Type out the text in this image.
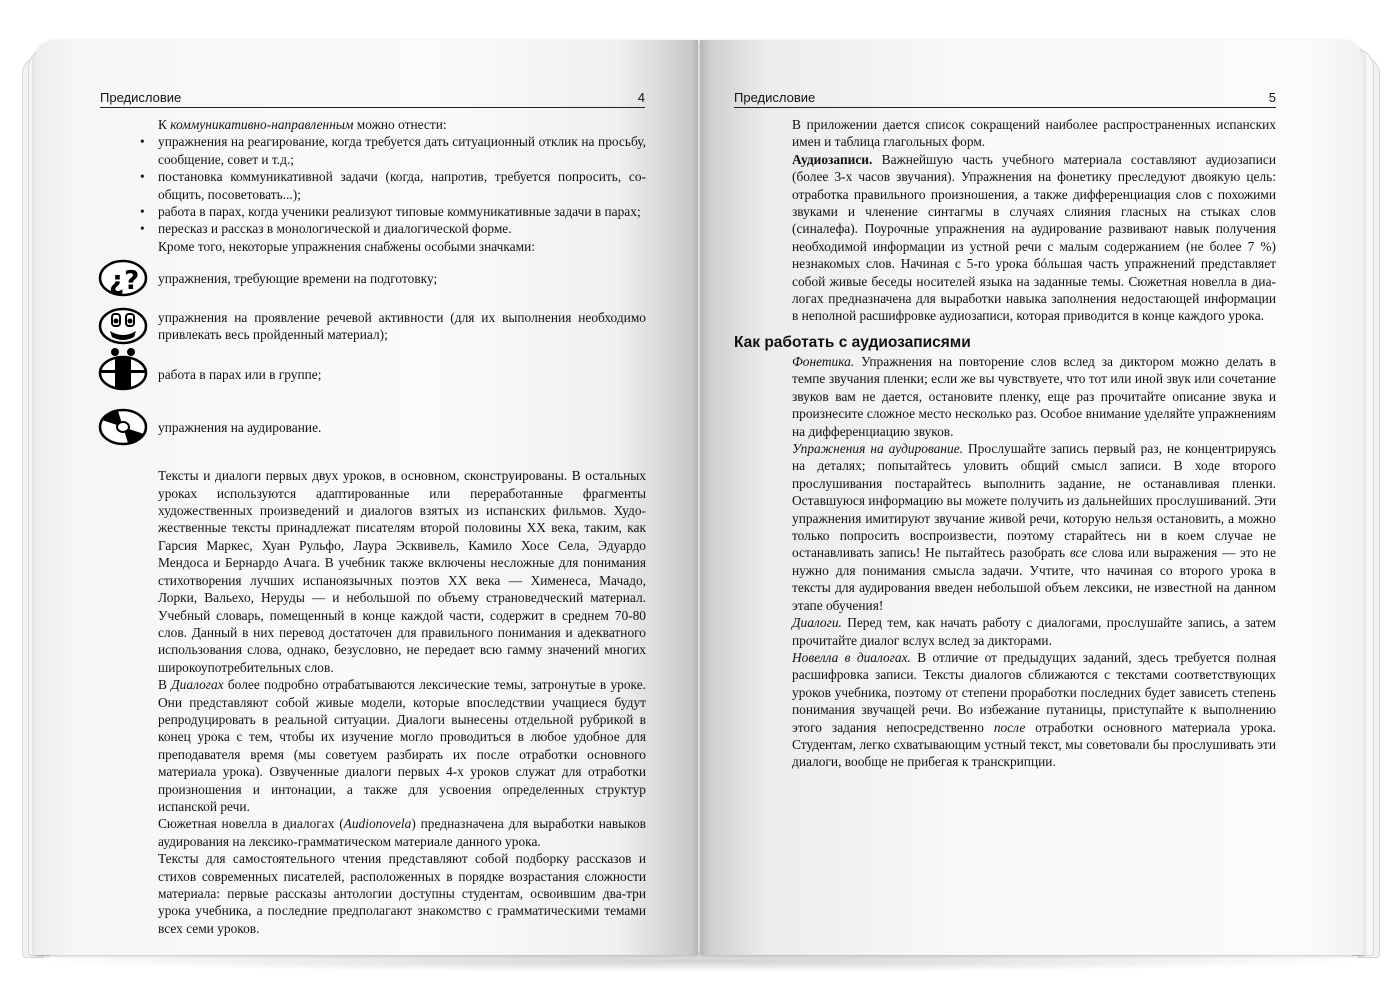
Предисловие	4

К коммуникативно-направленным можно отнести:

• упражнения на реагирование, когда требуется дать ситуационный отклик на просьбу, сообщение, совет и т.д.;
• постановка коммуникативной задачи (когда, напротив, требуется попросить, сообщить, посоветовать...);
• работа в парах, когда ученики реализуют типовые коммуникативные задачи в парах;
• пересказ и рассказ в монологической и диалогической форме.

Кроме того, некоторые упражнения снабжены особыми значками:

¿? упражнения, требующие времени на подготовку;
упражнения на проявление речевой активности (для их выполнения необходимо привлекать весь пройденный материал);
работа в парах или в группе;
упражнения на аудирование.

Тексты и диалоги первых двух уроков, в основном, сконструированы. В остальных уроках используются адаптированные или переработанные фрагменты художественных произведений и диалогов взятых из испанских фильмов. Художественные тексты принадлежат писателям второй половины XX века, таким, как Гарсия Маркес, Хуан Рульфо, Лаура Эсквивель, Камило Хосе Села, Эдуардо Мендоса и Бернардо Ачага. В учебник также включены несложные для понимания стихотворения лучших испаноязычных поэтов XX века — Хименеса, Мачадо, Лорки, Вальехо, Неруды — и небольшой по объему страноведческий материал. Учебный словарь, помещенный в конце каждой части, содержит в среднем 70-80 слов. Данный в них перевод достаточен для правильного понимания и адекватного использования слова, однако, безусловно, не передает всю гамму значений многих широкоупотребительных слов.

В Диалогах более подробно отрабатываются лексические темы, затронутые в уроке. Они представляют собой живые модели, которые впоследствии учащиеся будут репродуцировать в реальной ситуации. Диалоги вынесены отдельной рубрикой в конец урока с тем, чтобы их изучение могло проводиться в любое удобное для преподавателя время (мы советуем разбирать их после отработки основного материала урока). Озвученные диалоги первых 4-х уроков служат для отработки произношения и интонации, а также для усвоения определенных структур испанской речи.

Сюжетная новелла в диалогах (Audionovela) предназначена для выработки навыков аудирования на лексико-грамматическом материале данного урока.

Тексты для самостоятельного чтения представляют собой подборку рассказов и стихов современных писателей, расположенных в порядке возрастания сложности материала: первые рассказы антологии доступны студентам, освоившим два-три урока учебника, а последние предполагают знакомство с грамматическими темами всех семи уроков.

Предисловие	5

В приложении дается список сокращений наиболее распространенных испанских имен и таблица глагольных форм.

Аудиозаписи. Важнейшую часть учебного материала составляют аудиозаписи (более 3-х часов звучания). Упражнения на фонетику преследуют двоякую цель: отработка правильного произношения, а также дифференциация слов с похожими звуками и членение синтагмы в случаях слияния гласных на стыках слов (синалефа). Поурочные упражнения на аудирование развивают навык получения необходимой информации из устной речи с малым содержанием (не более 7 %) незнакомых слов. Начиная с 5-го урока бóльшая часть упражнений представляет собой живые беседы носителей языка на заданные темы. Сюжетная новелла в диалогах предназначена для выработки навыка заполнения недостающей информации в неполной расшифровке аудиозаписи, которая приводится в конце каждого урока.

Как работать с аудиозаписями

Фонетика. Упражнения на повторение слов вслед за диктором можно делать в темпе звучания пленки; если же вы чувствуете, что тот или иной звук или сочетание звуков вам не дается, остановите пленку, еще раз прочитайте описание звука и произнесите сложное место несколько раз. Особое внимание уделяйте упражнениям на дифференциацию звуков.

Упражнения на аудирование. Прослушайте запись первый раз, не концентрируясь на деталях; попытайтесь уловить общий смысл записи. В ходе второго прослушивания постарайтесь выполнить задание, не останавливая пленки. Оставшуюся информацию вы можете получить из дальнейших прослушиваний. Эти упражнения имитируют звучание живой речи, которую нельзя остановить, а можно только попросить воспроизвести, поэтому старайтесь ни в коем случае не останавливать запись! Не пытайтесь разобрать все слова или выражения — это не нужно для понимания смысла задачи. Учтите, что начиная со второго урока в тексты для аудирования введен небольшой объем лексики, не известной на данном этапе обучения!

Диалоги. Перед тем, как начать работу с диалогами, прослушайте запись, а затем прочитайте диалог вслух вслед за дикторами.

Новелла в диалогах. В отличие от предыдущих заданий, здесь требуется полная расшифровка записи. Тексты диалогов сближаются с текстами соответствующих уроков учебника, поэтому от степени проработки последних будет зависеть степень понимания звучащей речи. Во избежание путаницы, приступайте к выполнению этого задания непосредственно после отработки основного материала урока. Студентам, легко схватывающим устный текст, мы советовали бы прослушивать эти диалоги, вообще не прибегая к транскрипции.
